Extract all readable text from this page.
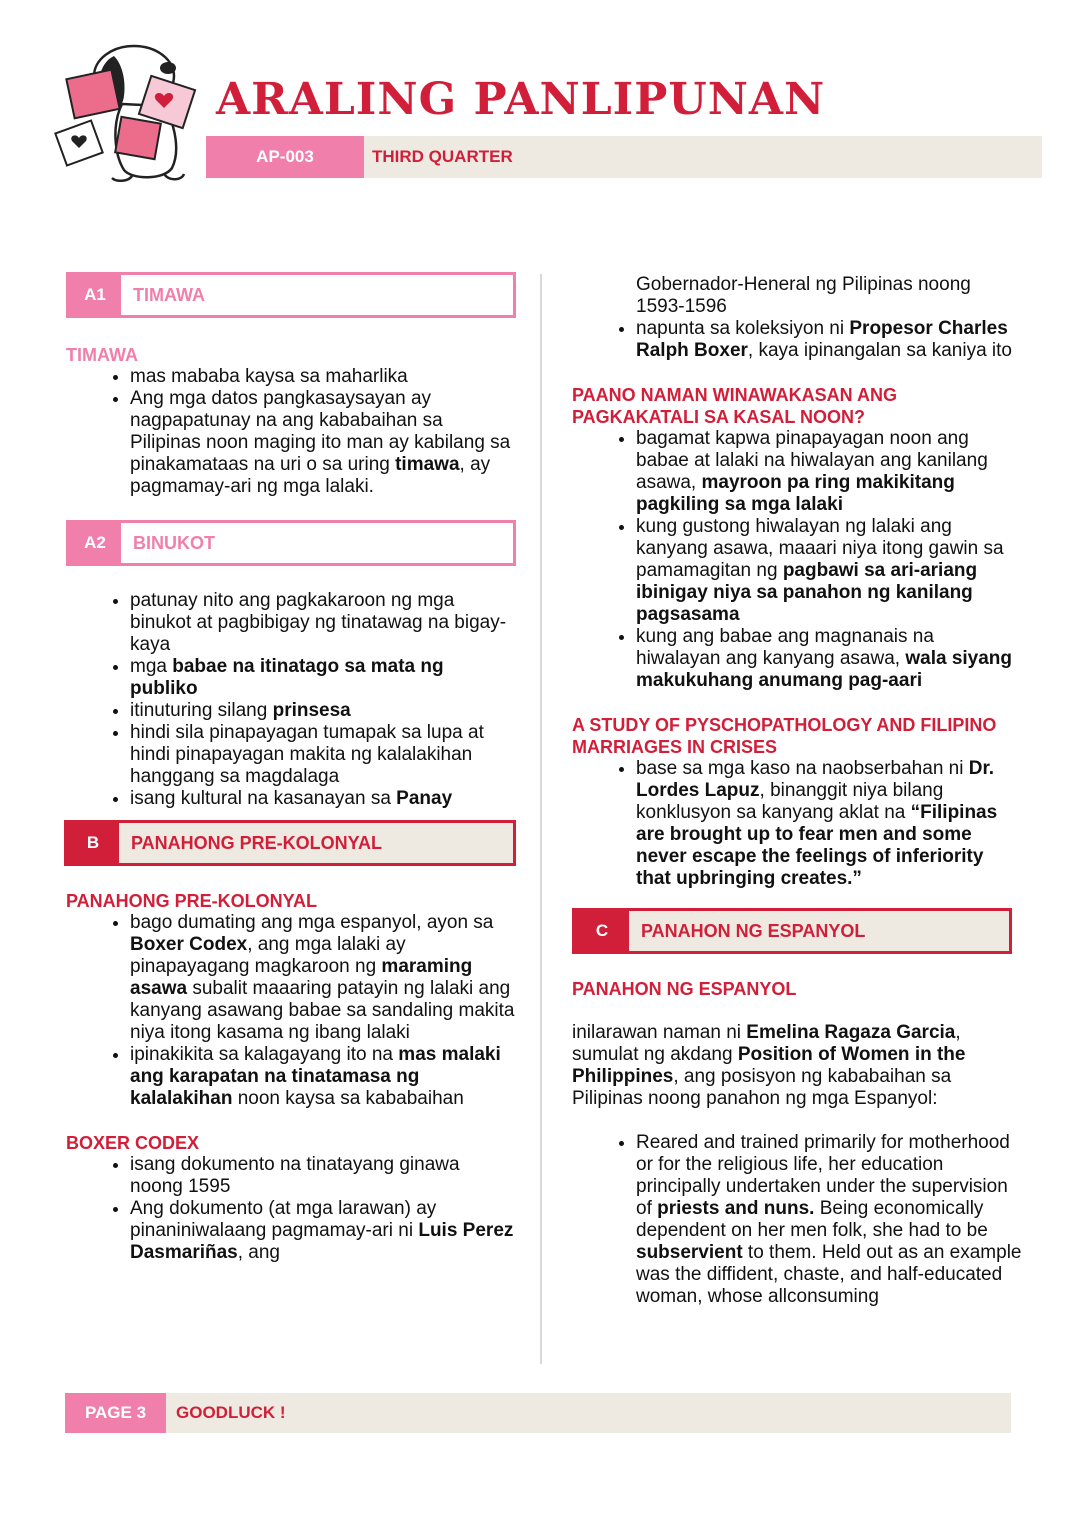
ARALING PANLIPUNAN
AP-003	THIRD QUARTER
A1	TIMAWA
TIMAWA
• mas mababa kaysa sa maharlika
• Ang mga datos pangkasaysayan ay nagpapatunay na ang kababaihan sa Pilipinas noon maging ito man ay kabilang sa pinakamataas na uri o sa uring timawa, ay pagmamay-ari ng mga lalaki.
A2	BINUKOT
• patunay nito ang pagkakaroon ng mga binukot at pagbibigay ng tinatawag na bigay-kaya
• mga babae na itinatago sa mata ng publiko
• itinuturing silang prinsesa
• hindi sila pinapayagan tumapak sa lupa at hindi pinapayagan makita ng kalalakihan hanggang sa magdalaga
• isang kultural na kasanayan sa Panay
B	PANAHONG PRE-KOLONYAL
PANAHONG PRE-KOLONYAL
• bago dumating ang mga espanyol, ayon sa Boxer Codex, ang mga lalaki ay pinapayagang magkaroon ng maraming asawa subalit maaaring patayin ng lalaki ang kanyang asawang babae sa sandaling makita niya itong kasama ng ibang lalaki
• ipinakikita sa kalagayang ito na mas malaki ang karapatan na tinatamasa ng kalalakihan noon kaysa sa kababaihan
BOXER CODEX
• isang dokumento na tinatayang ginawa noong 1595
• Ang dokumento (at mga larawan) ay pinaniniwalaang pagmamay-ari ni Luis Perez Dasmariñas, ang
Gobernador-Heneral ng Pilipinas noong 1593-1596
• napunta sa koleksiyon ni Propesor Charles Ralph Boxer, kaya ipinangalan sa kaniya ito
PAANO NAMAN WINAWAKASAN ANG PAGKAKATALI SA KASAL NOON?
• bagamat kapwa pinapayagan noon ang babae at lalaki na hiwalayan ang kanilang asawa, mayroon pa ring makikitang pagkiling sa mga lalaki
• kung gustong hiwalayan ng lalaki ang kanyang asawa, maaari niya itong gawin sa pamamagitan ng pagbawi sa ari-ariang ibinigay niya sa panahon ng kanilang pagsasama
• kung ang babae ang magnanais na hiwalayan ang kanyang asawa, wala siyang makukuhang anumang pag-aari
A STUDY OF PYSCHOPATHOLOGY AND FILIPINO MARRIAGES IN CRISES
• base sa mga kaso na naobserbahan ni Dr. Lordes Lapuz, binanggit niya bilang konklusyon sa kanyang aklat na “Filipinas are brought up to fear men and some never escape the feelings of inferiority that upbringing creates.”
C	PANAHON NG ESPANYOL
PANAHON NG ESPANYOL

inilarawan naman ni Emelina Ragaza Garcia, sumulat ng akdang Position of Women in the Philippines, ang posisyon ng kababaihan sa Pilipinas noong panahon ng mga Espanyol:

• Reared and trained primarily for motherhood or for the religious life, her education principally undertaken under the supervision of priests and nuns. Being economically dependent on her men folk, she had to be subservient to them. Held out as an example was the diffident, chaste, and half-educated woman, whose allconsuming
PAGE 3	GOODLUCK !
